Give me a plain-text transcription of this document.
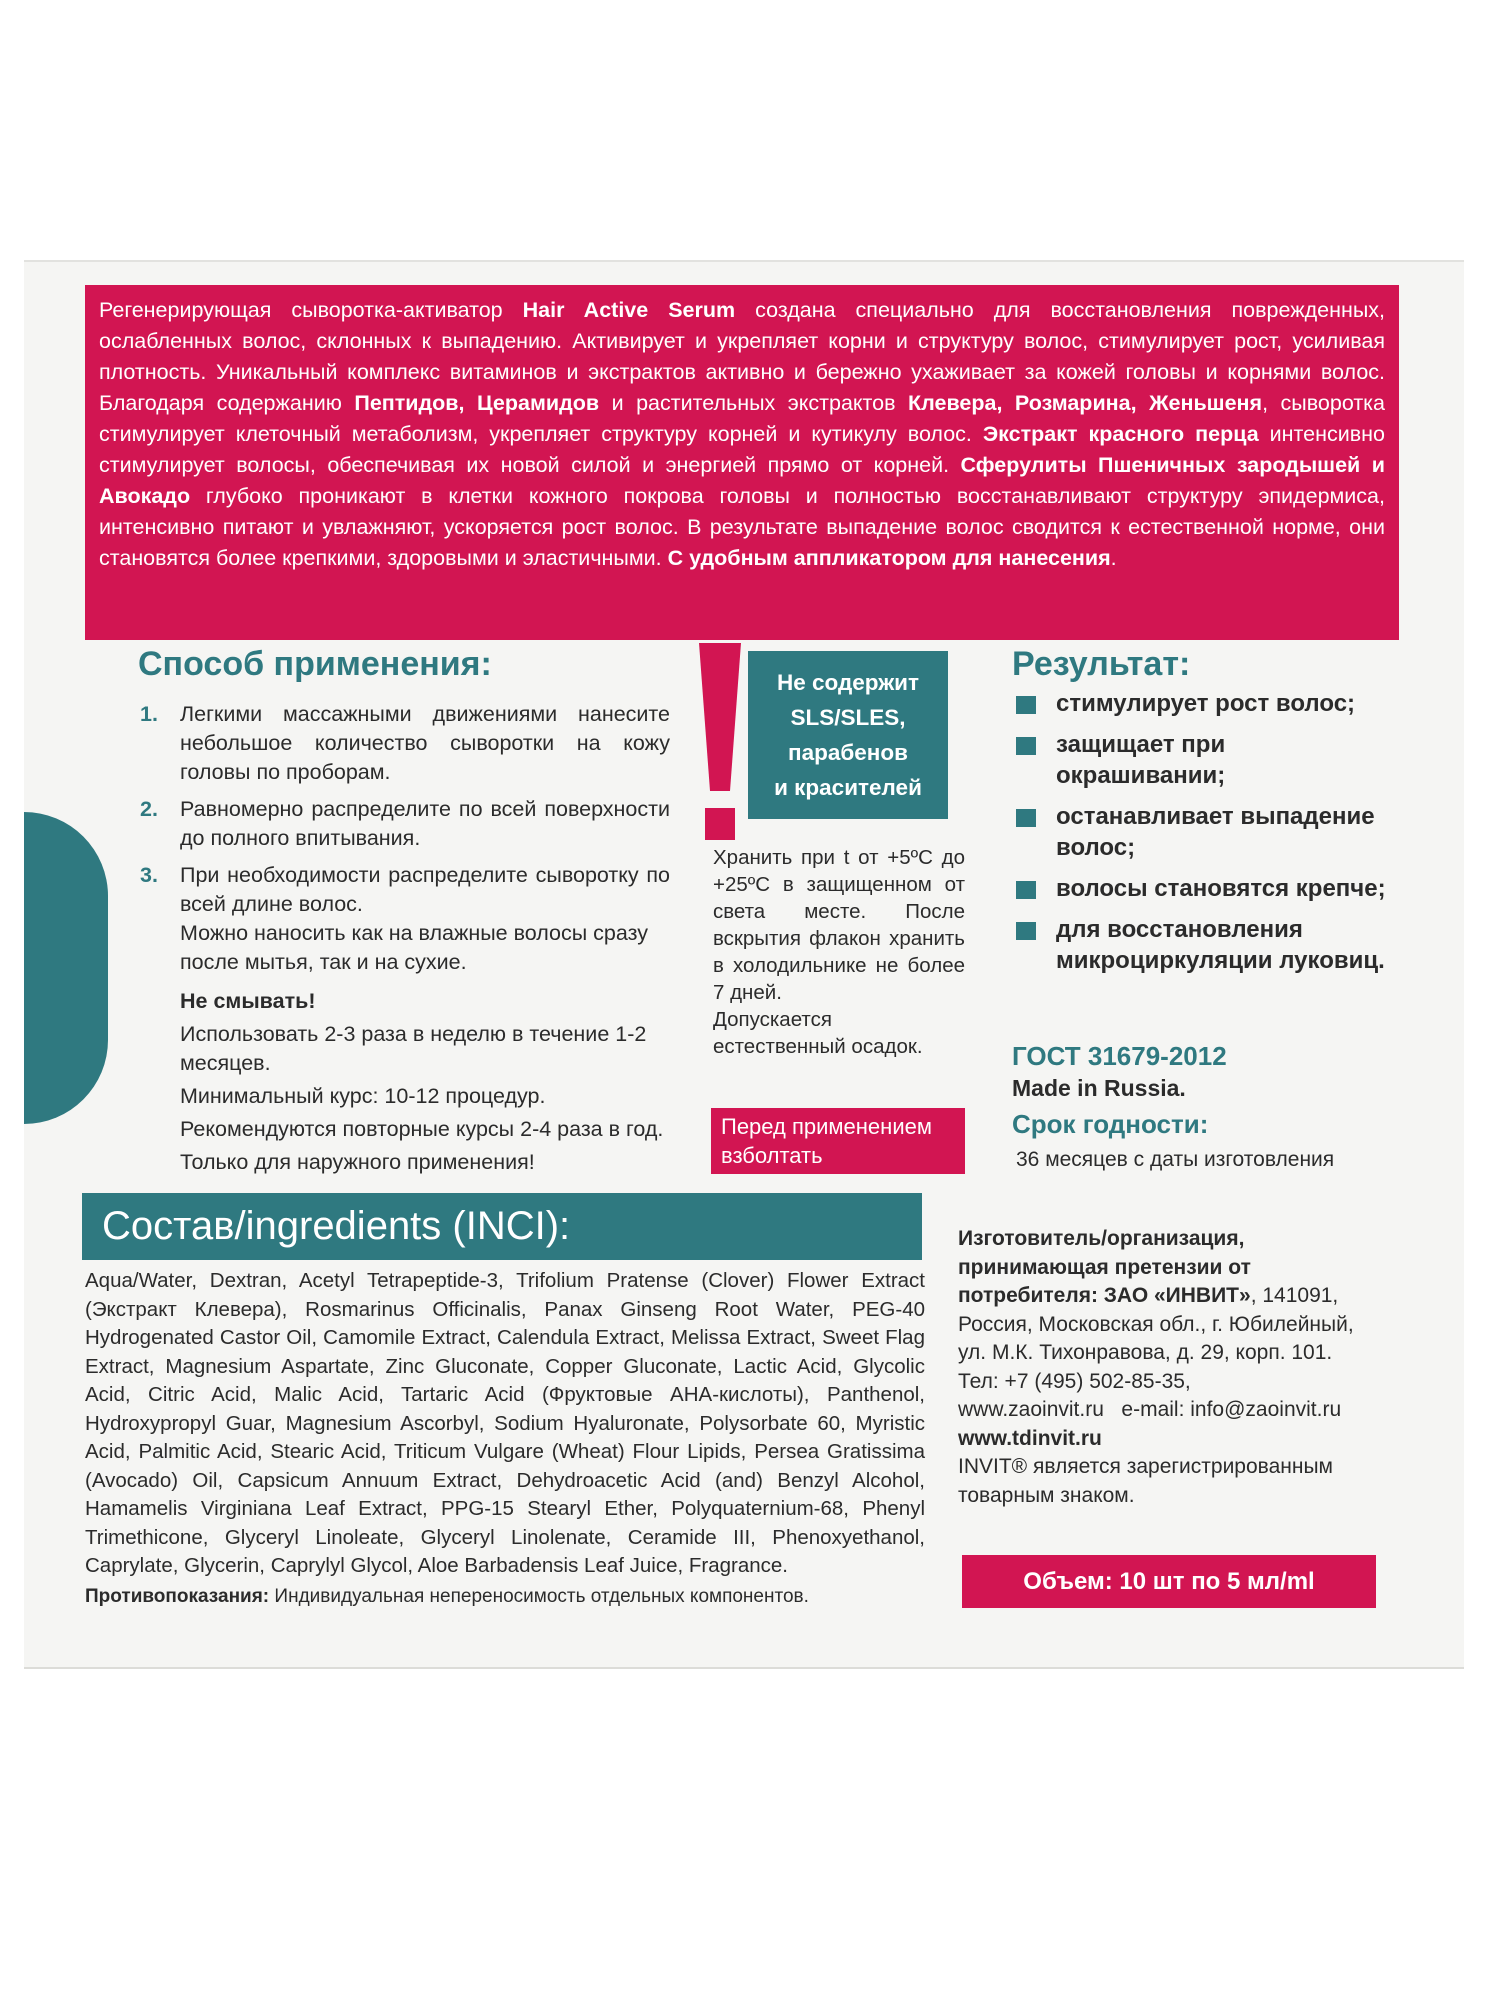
Регенерирующая сыворотка-активатор Hair Active Serum создана специально для восстановления поврежденных, ослабленных волос, склонных к выпадению. Активирует и укрепляет корни и структуру волос, стимулирует рост, усиливая плотность. Уникальный комплекс витаминов и экстрактов активно и бережно ухаживает за кожей головы и корнями волос. Благодаря содержанию Пептидов, Церамидов и растительных экстрактов Клевера, Розмарина, Женьшеня, сыворотка стимулирует клеточный метаболизм, укрепляет структуру корней и кутикулу волос. Экстракт красного перца интенсивно стимулирует волосы, обеспечивая их новой силой и энергией прямо от корней. Сферулиты Пшеничных зародышей и Авокадо глубоко проникают в клетки кожного покрова головы и полностью восстанавливают структуру эпидермиса, интенсивно питают и увлажняют, ускоряется рост волос. В результате выпадение волос сводится к естественной норме, они становятся более крепкими, здоровыми и эластичными. С удобным аппликатором для нанесения.
Способ применения:
1. Легкими массажными движениями нанесите небольшое количество сыворотки на кожу головы по проборам.
2. Равномерно распределите по всей поверхности до полного впитывания.
3. При необходимости распределите сыворотку по всей длине волос.

Можно наносить как на влажные волосы сразу после мытья, так и на сухие.

Не смывать!

Использовать 2-3 раза в неделю в течение 1-2 месяцев.

Минимальный курс: 10-12 процедур.

Рекомендуются повторные курсы 2-4 раза в год.

Только для наружного применения!

Не содержит
SLS/SLES,
парабенов
и красителей
Хранить при t от +5ºC до +25ºC в защищенном от света месте. После вскрытия флакон хранить в холодильнике не более 7 дней.
Допускается естественный осадок.
Перед применением взболтать
Результат:
стимулирует рост волос;
защищает при окрашивании;
останавливает выпадение волос;
волосы становятся крепче;
для восстановления микроциркуляции луковиц.
ГОСТ 31679-2012
Made in Russia.
Срок годности:
36 месяцев с даты изготовления
Состав/ingredients (INCI):
Aqua/Water, Dextran, Acetyl Tetrapeptide-3, Trifolium Pratense (Clover) Flower Extract (Экстракт Клевера), Rosmarinus Officinalis, Panax Ginseng Root Water, PEG-40 Hydrogenated Castor Oil, Camomile Extract, Calendula Extract, Melissa Extract, Sweet Flag Extract, Magnesium Aspartate, Zinc Gluconate, Copper Gluconate, Lactic Acid, Glycolic Acid, Citric Acid, Malic Acid, Tartaric Acid (Фруктовые AHA-кислоты), Panthenol, Hydroxypropyl Guar, Magnesium Ascorbyl, Sodium Hyaluronate, Polysorbate 60, Myristic Acid, Palmitic Acid, Stearic Acid, Triticum Vulgare (Wheat) Flour Lipids, Persea Gratissima (Avocado) Oil, Capsicum Annuum Extract, Dehydroacetic Acid (and) Benzyl Alcohol, Hamamelis Virginiana Leaf Extract, PPG-15 Stearyl Ether, Polyquaternium-68, Phenyl Trimethicone, Glyceryl Linoleate, Glyceryl Linolenate, Ceramide III, Phenoxyethanol, Caprylate, Glycerin, Caprylyl Glycol, Aloe Barbadensis Leaf Juice, Fragrance.
Противопоказания: Индивидуальная непереносимость отдельных компонентов.
Изготовитель/организация,
принимающая претензии от
потребителя: ЗАО «ИНВИТ», 141091,
Россия, Московская обл., г. Юбилейный,
ул. М.К. Тихонравова, д. 29, корп. 101.
Тел: +7 (495) 502-85-35,
www.zaoinvit.ru e-mail: info@zaoinvit.ru
www.tdinvit.ru
INVIT® является зарегистрированным товарным знаком.
Объем: 10 шт по 5 мл/ml
